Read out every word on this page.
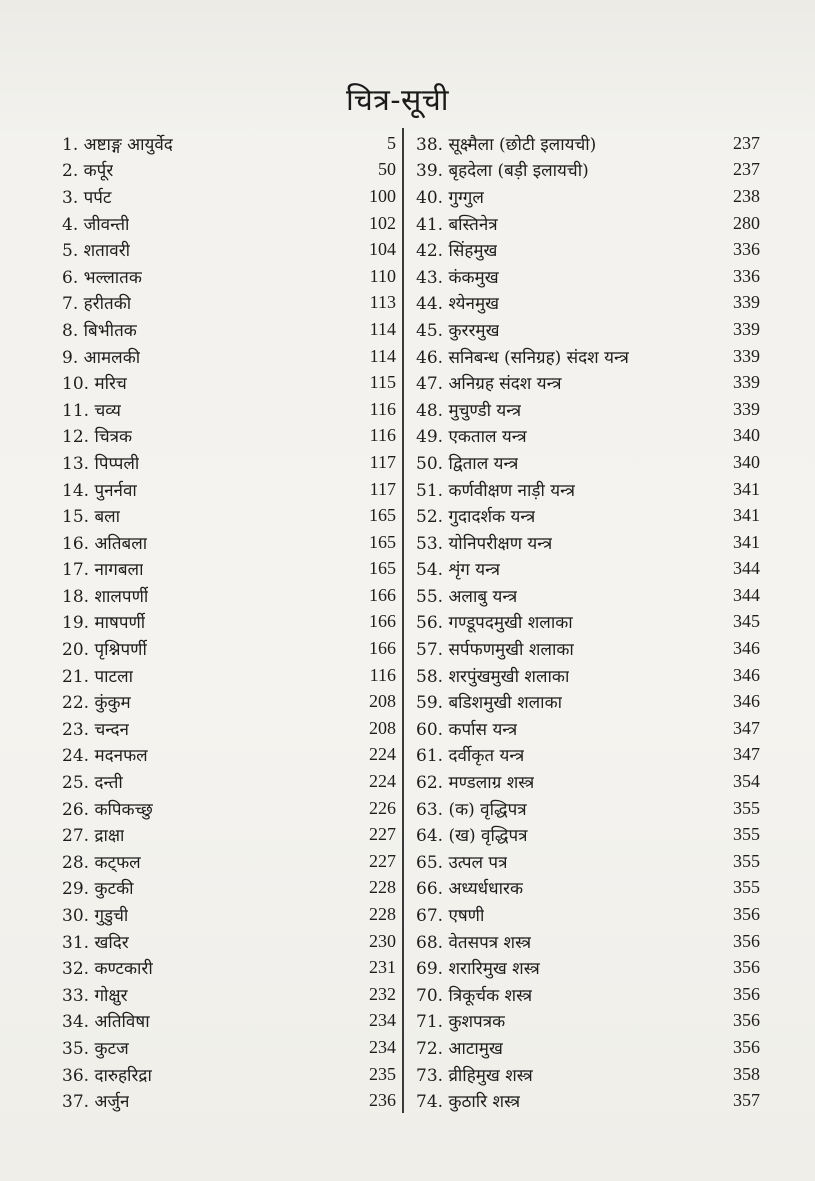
चित्र-सूची
1. अष्टाङ्ग आयुर्वेद	5
2. कर्पूर	50
3. पर्पट	100
4. जीवन्ती	102
5. शतावरी	104
6. भल्लातक	110
7. हरीतकी	113
8. बिभीतक	114
9. आमलकी	114
10. मरिच	115
11. चव्य	116
12. चित्रक	116
13. पिप्पली	117
14. पुनर्नवा	117
15. बला	165
16. अतिबला	165
17. नागबला	165
18. शालपर्णी	166
19. माषपर्णी	166
20. पृश्निपर्णी	166
21. पाटला	116
22. कुंकुम	208
23. चन्दन	208
24. मदनफल	224
25. दन्ती	224
26. कपिकच्छु	226
27. द्राक्षा	227
28. कट्फल	227
29. कुटकी	228
30. गुडुची	228
31. खदिर	230
32. कण्टकारी	231
33. गोक्षुर	232
34. अतिविषा	234
35. कुटज	234
36. दारुहरिद्रा	235
37. अर्जुन	236
38. सूक्ष्मैला (छोटी इलायची)	237
39. बृहदेला (बड़ी इलायची)	237
40. गुग्गुल	238
41. बस्तिनेत्र	280
42. सिंहमुख	336
43. कंकमुख	336
44. श्येनमुख	339
45. कुररमुख	339
46. सनिबन्ध (सनिग्रह) संदश यन्त्र	339
47. अनिग्रह संदश यन्त्र	339
48. मुचुण्डी यन्त्र	339
49. एकताल यन्त्र	340
50. द्विताल यन्त्र	340
51. कर्णवीक्षण नाड़ी यन्त्र	341
52. गुदादर्शक यन्त्र	341
53. योनिपरीक्षण यन्त्र	341
54. शृंग यन्त्र	344
55. अलाबु यन्त्र	344
56. गण्डूपदमुखी शलाका	345
57. सर्पफणमुखी शलाका	346
58. शरपुंखमुखी शलाका	346
59. बडिशमुखी शलाका	346
60. कर्पास यन्त्र	347
61. दर्वीकृत यन्त्र	347
62. मण्डलाग्र शस्त्र	354
63. (क) वृद्धिपत्र	355
64. (ख) वृद्धिपत्र	355
65. उत्पल पत्र	355
66. अध्यर्धधारक	355
67. एषणी	356
68. वेतसपत्र शस्त्र	356
69. शरारिमुख शस्त्र	356
70. त्रिकूर्चक शस्त्र	356
71. कुशपत्रक	356
72. आटामुख	356
73. व्रीहिमुख शस्त्र	358
74. कुठारि शस्त्र	357
